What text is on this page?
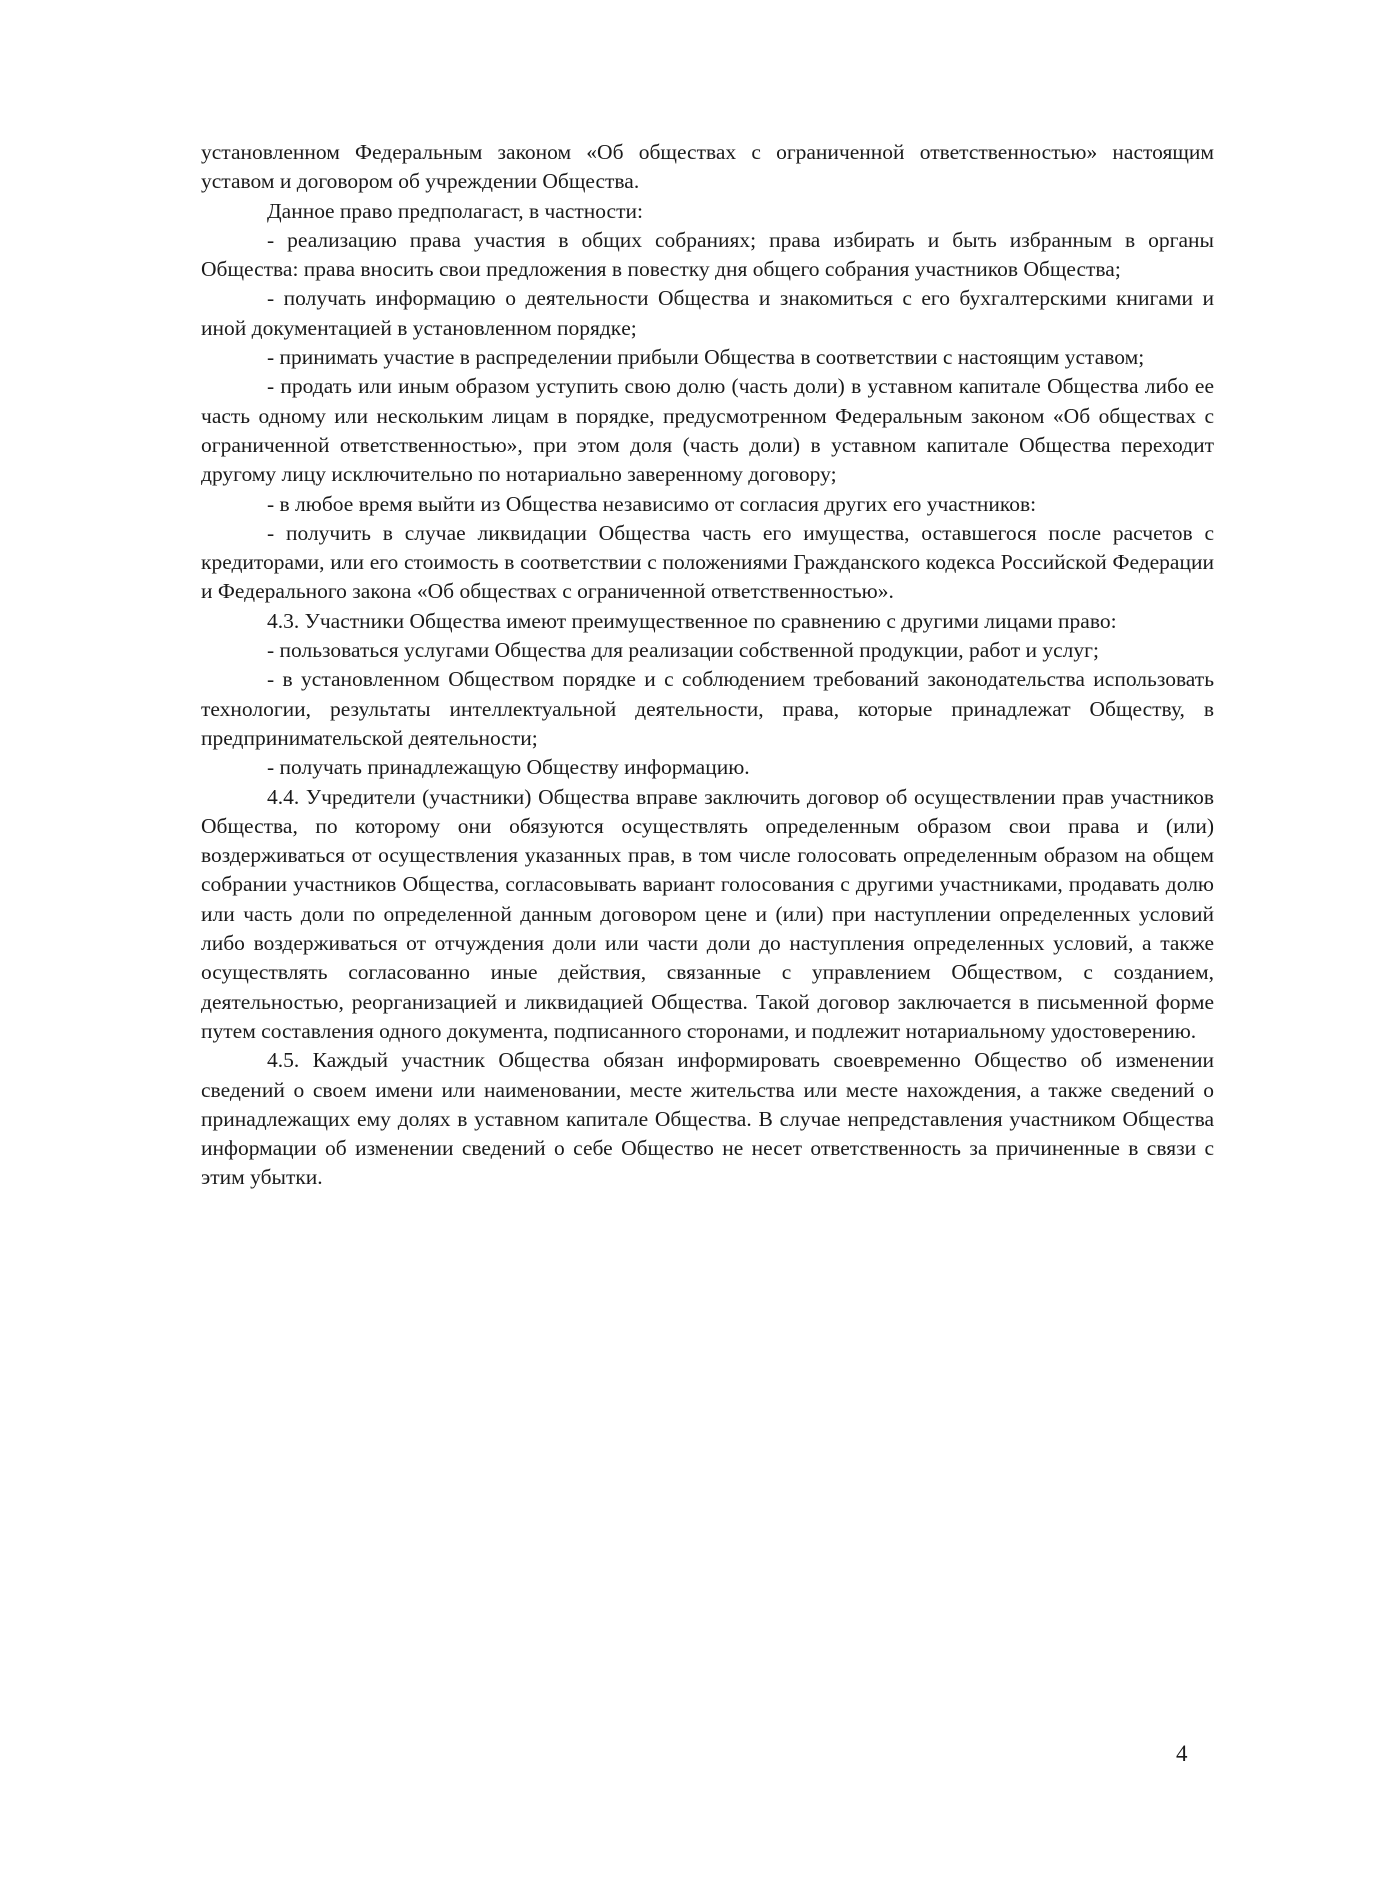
установленном Федеральным законом «Об обществах с ограниченной ответственностью» настоящим уставом и договором об учреждении Общества.

Даннoe право предполагаст, в частности:

- реализацию права участия в общих собраниях; права избирать и быть избранным в органы Общества: права вносить свои предложения в повестку дня общего собрания участников Общества;

- получать информацию о деятельности Общества и знакомиться с его бухгалтерскими книгами и иной документацией в установленном порядкe;

- принимать участие в распредeлении прибыли Общecтва в соотвeтствии с настоящим уставом;

- продать или иным образом уступить свою долю (часть доли) в уставном капитале Общества либо ее часть одному или нескольким лицам в порядке, предусмотренном Федеральным законом «Об обществах с ограниченной ответственностью», при этом доля (часть доли) в уставном капитале Общества переходит другому лицу исключительно по нотариально заверенному договору;

- в любое время выйти из Общества независимо от согласия других его участников:

- получить в случае ликвидации Общества часть его имущества, оставшегося после расчетов с кредиторами, или его стоимость в соответствии с положениями Гражданского кодекса Российской Федерации и Федерального закона «Об обществах с ограниченной ответственностью».

4.3. Участники Общества имеют преимущественное по сравнению с другими лицами право:

- пользоваться услугами Общества для реализации собственной продукции, работ и услуг;

- в установленном Обществом порядке и с соблюдением требований законодательства использовать технологии, результаты интеллектуальной деятельности, права, которые принадлежат Обществу, в предпринимательской деятельности;

- получать принадлежащую Обществу информацию.

4.4. Учредители (участники) Общества вправе заключить договор об осуществлении прав участников Общества, по которому они обязуются осуществлять определенным образом свои права и (или) воздерживаться от осуществления указанных прав, в том числе голосовать определенным образом на общем собрании участников Общества, согласовывать вариант голосования с другими участниками, продавать долю или часть доли по определенной данным договором цене и (или) при наступлении определенных условий либо воздерживаться от отчуждения доли или части доли до наступления определенных условий, а также осуществлять согласованно иные действия, связанные с управлением Обществом, с созданием, деятельностью, реорганизацией и ликвидацией Общества. Такой договор заключается в письменной форме путем составления одного документа, подписанного сторонами, и подлежит нотариальному удостоверению.

4.5. Каждый участник Общества обязан информировать своевременно Общество об изменении сведений о своем имени или наименовании, месте жительства или месте нахождения, а также сведений о принадлежащих ему долях в уставном капитале Общества. В случае непредставления участником Общества информации об изменении сведений о себе Общество не несет ответственность за причиненные в связи с этим убытки.

4
